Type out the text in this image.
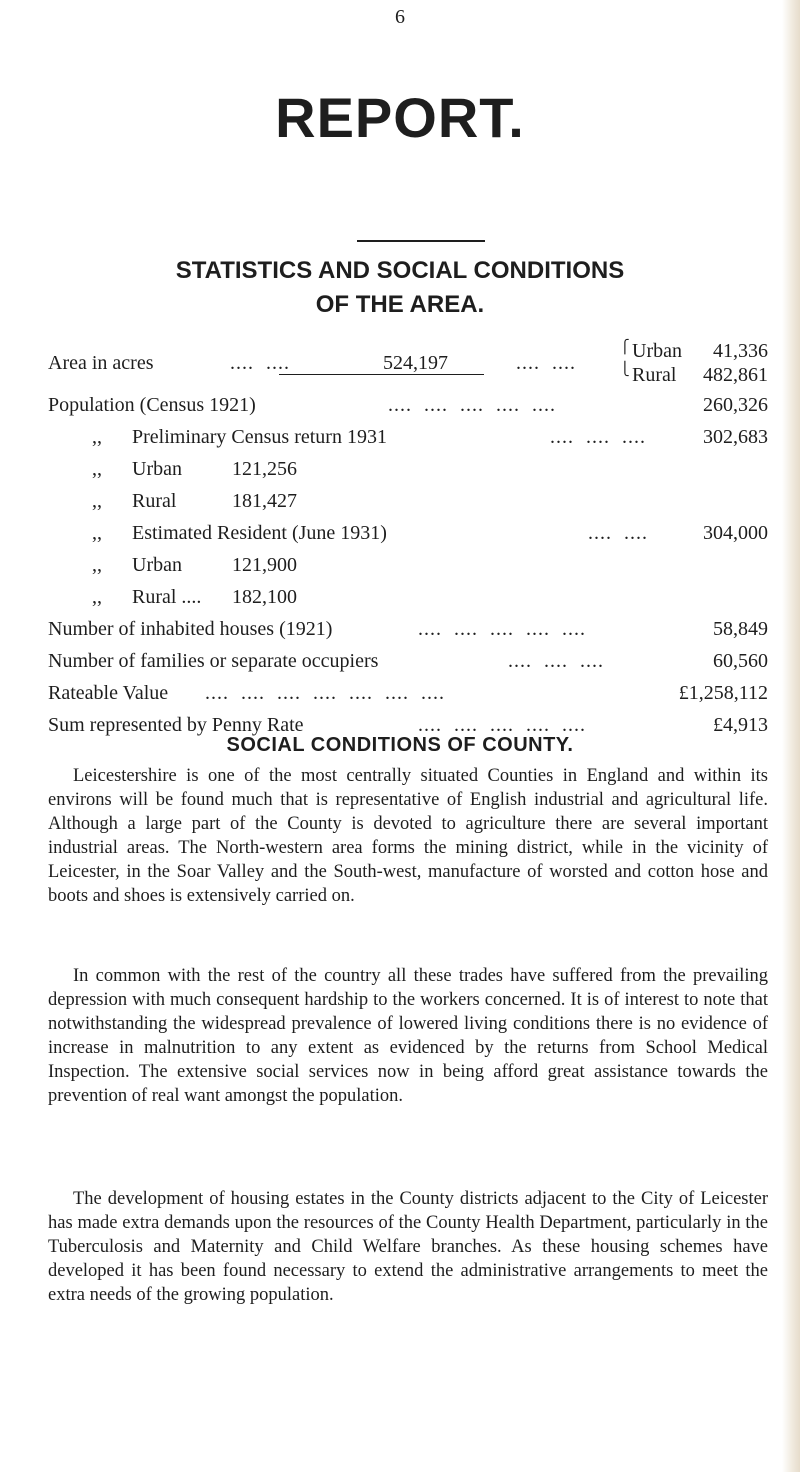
6
REPORT.
STATISTICS AND SOCIAL CONDITIONS
OF THE AREA.
Area in acres	....  ....	524,197	....  ....
⎧
⎩
Urban	41,336
Rural	482,861
Population (Census 1921)	....  ....  ....  ....  ....	260,326
,, Preliminary Census return 1931	....  ....  ....	302,683
,, Urban	121,256
,, Rural	181,427
,, Estimated Resident (June 1931)	....  ....	304,000
,, Urban	121,900
,, Rural .... 182,100
Number of inhabited houses (1921)	....  ....  ....  ....  ....	58,849
Number of families or separate occupiers	....  ....  ....	60,560
Rateable Value ....  ....  ....  ....  ....  ....  ....	£1,258,112
Sum represented by Penny Rate	....  ....  ....  ....  ....	£4,913
SOCIAL CONDITIONS OF COUNTY.

Leicestershire is one of the most centrally situated Counties in England and within its environs will be found much that is representative of English industrial and agricultural life. Although a large part of the County is devoted to agriculture there are several important industrial areas. The North-western area forms the mining district, while in the vicinity of Leicester, in the Soar Valley and the South-west, manufacture of worsted and cotton hose and boots and shoes is extensively carried on.

In common with the rest of the country all these trades have suffered from the prevailing depression with much consequent hardship to the workers concerned. It is of interest to note that notwithstanding the widespread prevalence of lowered living conditions there is no evidence of increase in malnutrition to any extent as evidenced by the returns from School Medical Inspection. The extensive social services now in being afford great assistance towards the prevention of real want amongst the population.

The development of housing estates in the County districts adjacent to the City of Leicester has made extra demands upon the resources of the County Health Department, particularly in the Tuberculosis and Maternity and Child Welfare branches. As these housing schemes have developed it has been found necessary to extend the administrative arrangements to meet the extra needs of the growing population.
